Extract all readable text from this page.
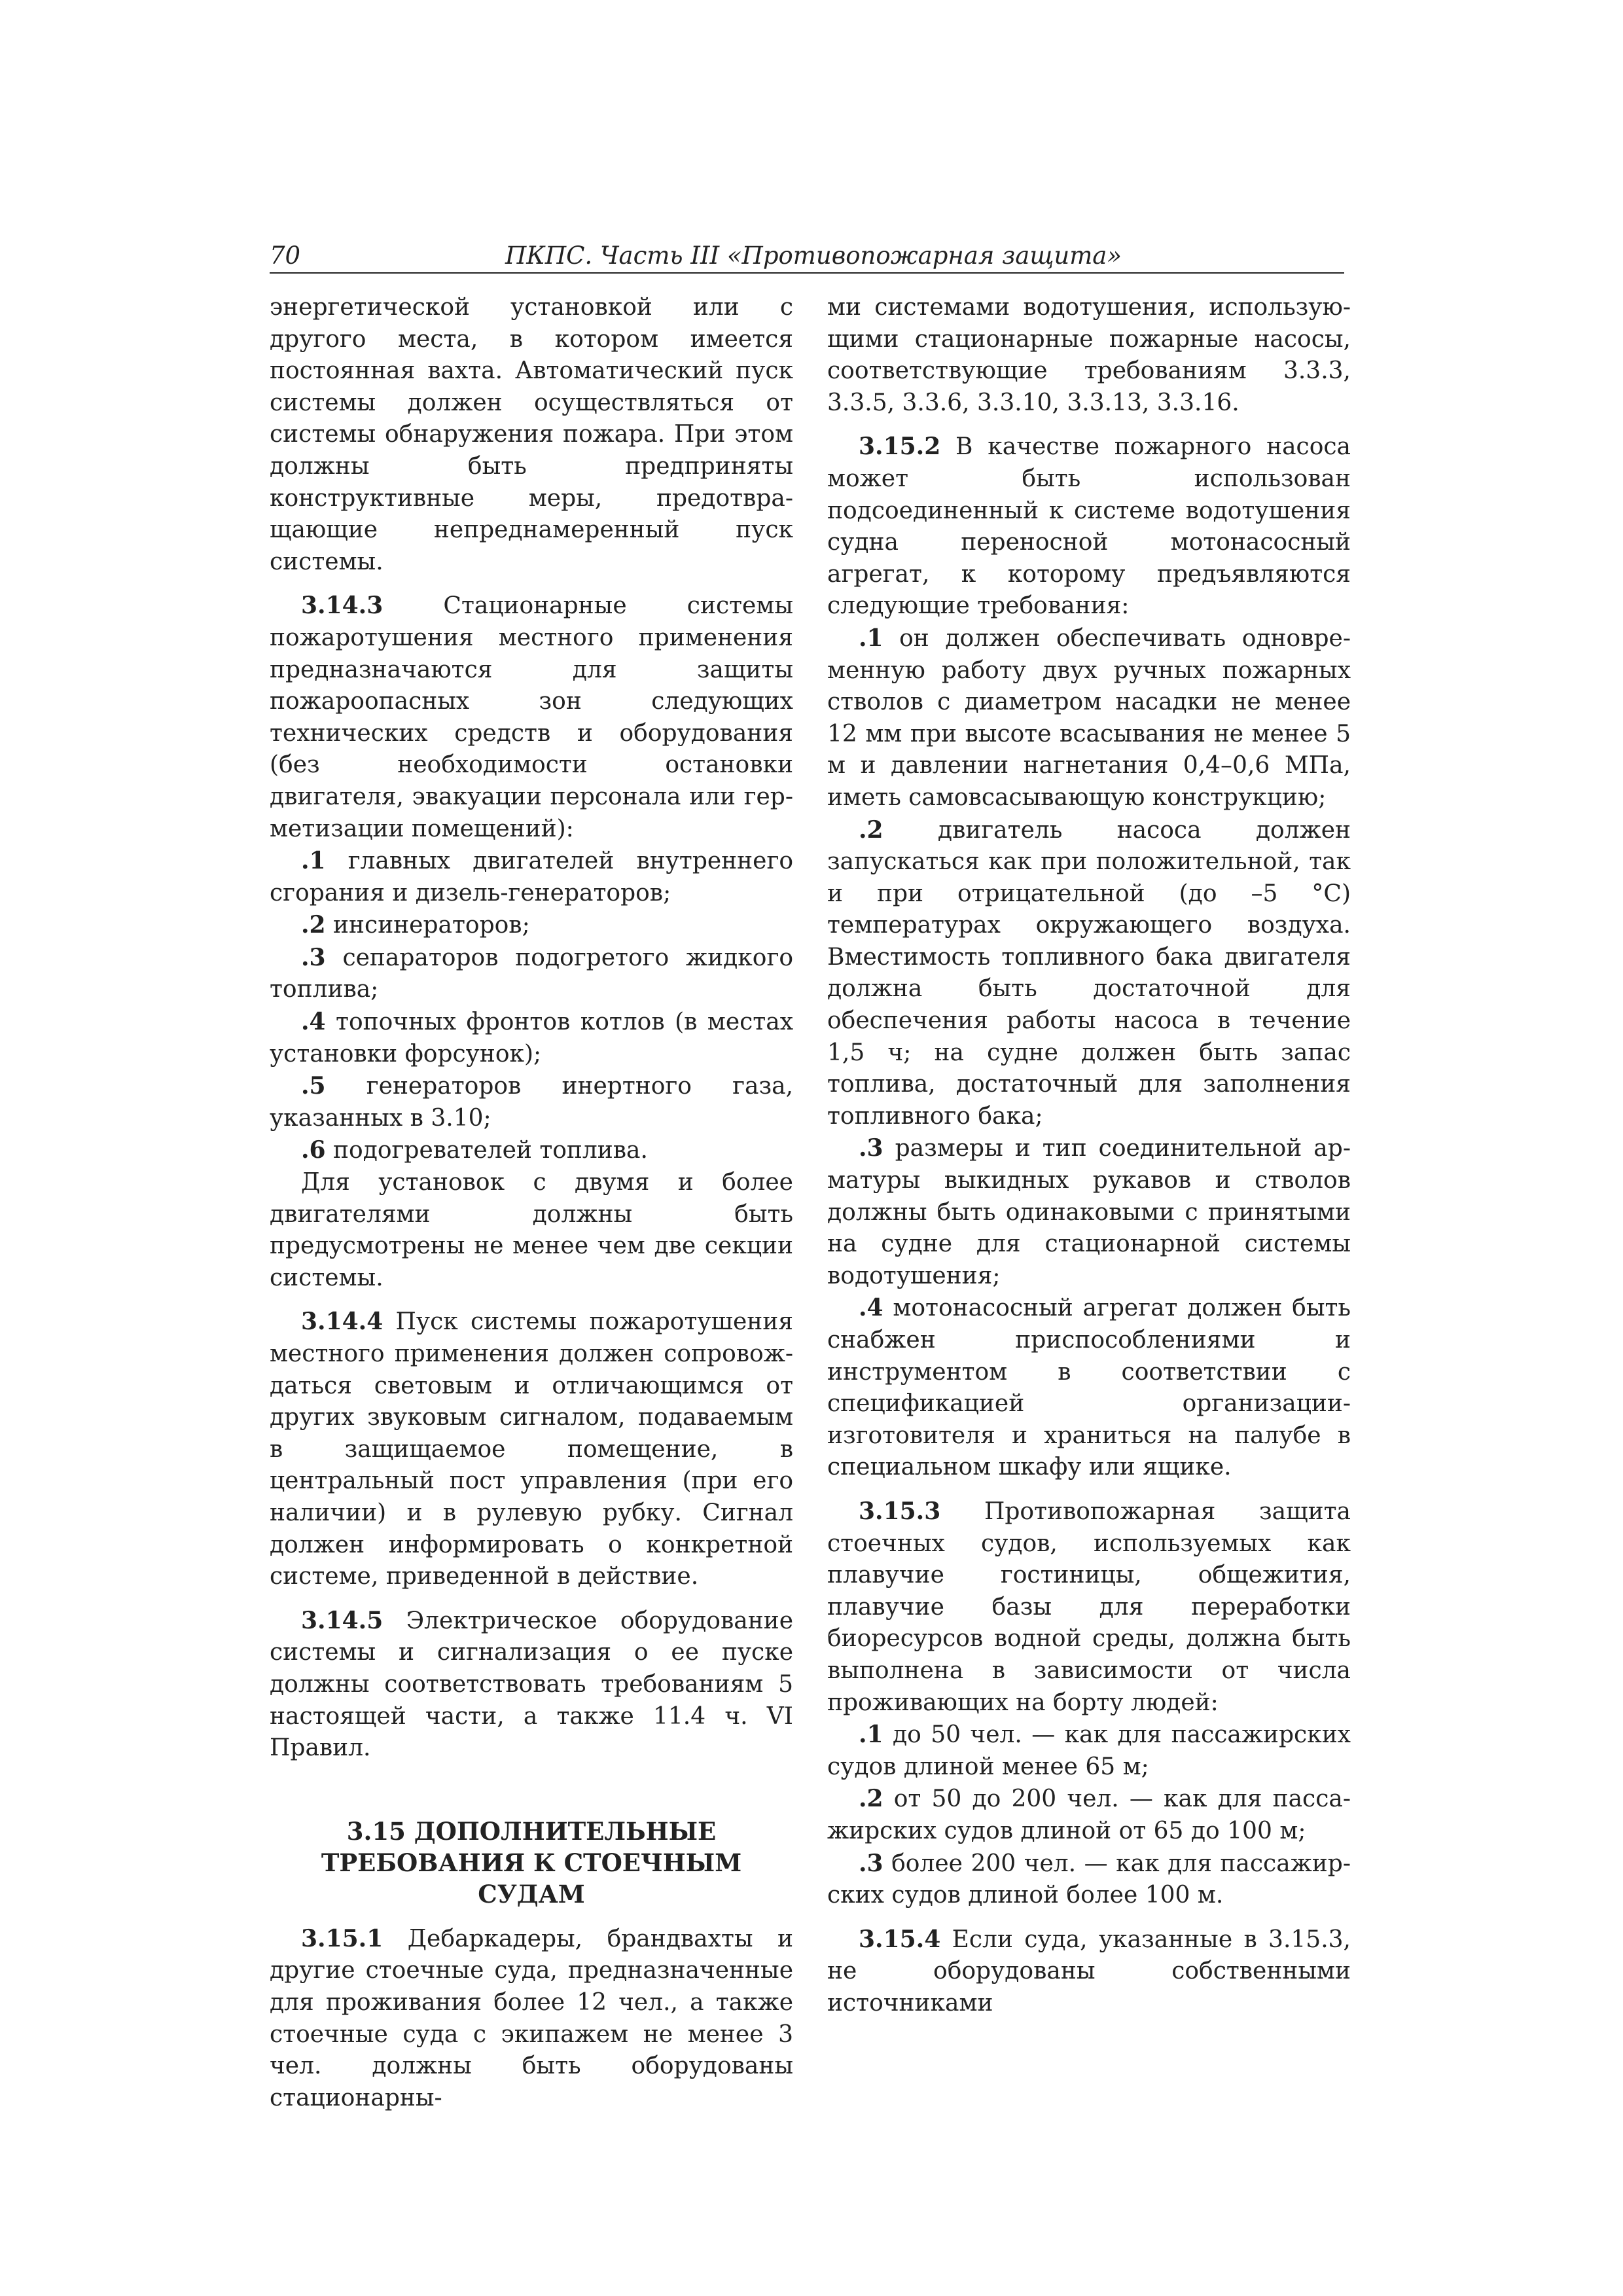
70	ПКПС. Часть III «Противопожарная защита»

энергетической установкой или с другого места, в котором имеется постоянная вахта. Автоматический пуск системы должен осуществляться от системы обнаружения пожара. При этом должны быть предприняты конструктивные меры, предотвращающие непреднамеренный пуск системы.

3.14.3 Стационарные системы пожаротушения местного применения предназначаются для защиты пожароопасных зон следующих технических средств и оборудования (без необходимости остановки двигателя, эвакуации персонала или герметизации помещений):

.1 главных двигателей внутреннего сгорания и дизель-генераторов;

.2 инсинераторов;

.3 сепараторов подогретого жидкого топлива;

.4 топочных фронтов котлов (в местах установки форсунок);

.5 генераторов инертного газа, указанных в 3.10;

.6 подогревателей топлива.

Для установок с двумя и более двигателями должны быть предусмотрены не менее чем две секции системы.

3.14.4 Пуск системы пожаротушения местного применения должен сопровождаться световым и отличающимся от других звуковым сигналом, подаваемым в защищаемое помещение, в центральный пост управления (при его наличии) и в рулевую рубку. Сигнал должен информировать о конкретной системе, приведенной в действие.

3.14.5 Электрическое оборудование системы и сигнализация о ее пуске должны соответствовать требованиям 5 настоящей части, а также 11.4 ч. VI Правил.

3.15 ДОПОЛНИТЕЛЬНЫЕ
ТРЕБОВАНИЯ К СТОЕЧНЫМ СУДАМ

3.15.1 Дебаркадеры, брандвахты и другие стоечные суда, предназначенные для проживания более 12 чел., а также стоечные суда с экипажем не менее 3 чел. должны быть оборудованы стационарны-

ми системами водотушения, использующими стационарные пожарные насосы, соответствующие требованиям 3.3.3, 3.3.5, 3.3.6, 3.3.10, 3.3.13, 3.3.16.

3.15.2 В качестве пожарного насоса может быть использован подсоединенный к системе водотушения судна переносной мотонасосный агрегат, к которому предъявляются следующие требования:

.1 он должен обеспечивать одновременную работу двух ручных пожарных стволов с диаметром насадки не менее 12 мм при высоте всасывания не менее 5 м и давлении нагнетания 0,4–0,6 МПа, иметь самовсасывающую конструкцию;

.2 двигатель насоса должен запускаться как при положительной, так и при отрицательной (до –5 °С) температурах окружающего воздуха. Вместимость топливного бака двигателя должна быть достаточной для обеспечения работы насоса в течение 1,5 ч; на судне должен быть запас топлива, достаточный для заполнения топливного бака;

.3 размеры и тип соединительной арматуры выкидных рукавов и стволов должны быть одинаковыми с принятыми на судне для стационарной системы водотушения;

.4 мотонасосный агрегат должен быть снабжен приспособлениями и инструментом в соответствии с спецификацией организации-изготовителя и храниться на палубе в специальном шкафу или ящике.

3.15.3 Противопожарная защита стоечных судов, используемых как плавучие гостиницы, общежития, плавучие базы для переработки биоресурсов водной среды, должна быть выполнена в зависимости от числа проживающих на борту людей:

.1 до 50 чел. — как для пассажирских судов длиной менее 65 м;

.2 от 50 до 200 чел. — как для пассажирских судов длиной от 65 до 100 м;

.3 более 200 чел. — как для пассажирских судов длиной более 100 м.

3.15.4 Если суда, указанные в 3.15.3, не оборудованы собственными источниками
